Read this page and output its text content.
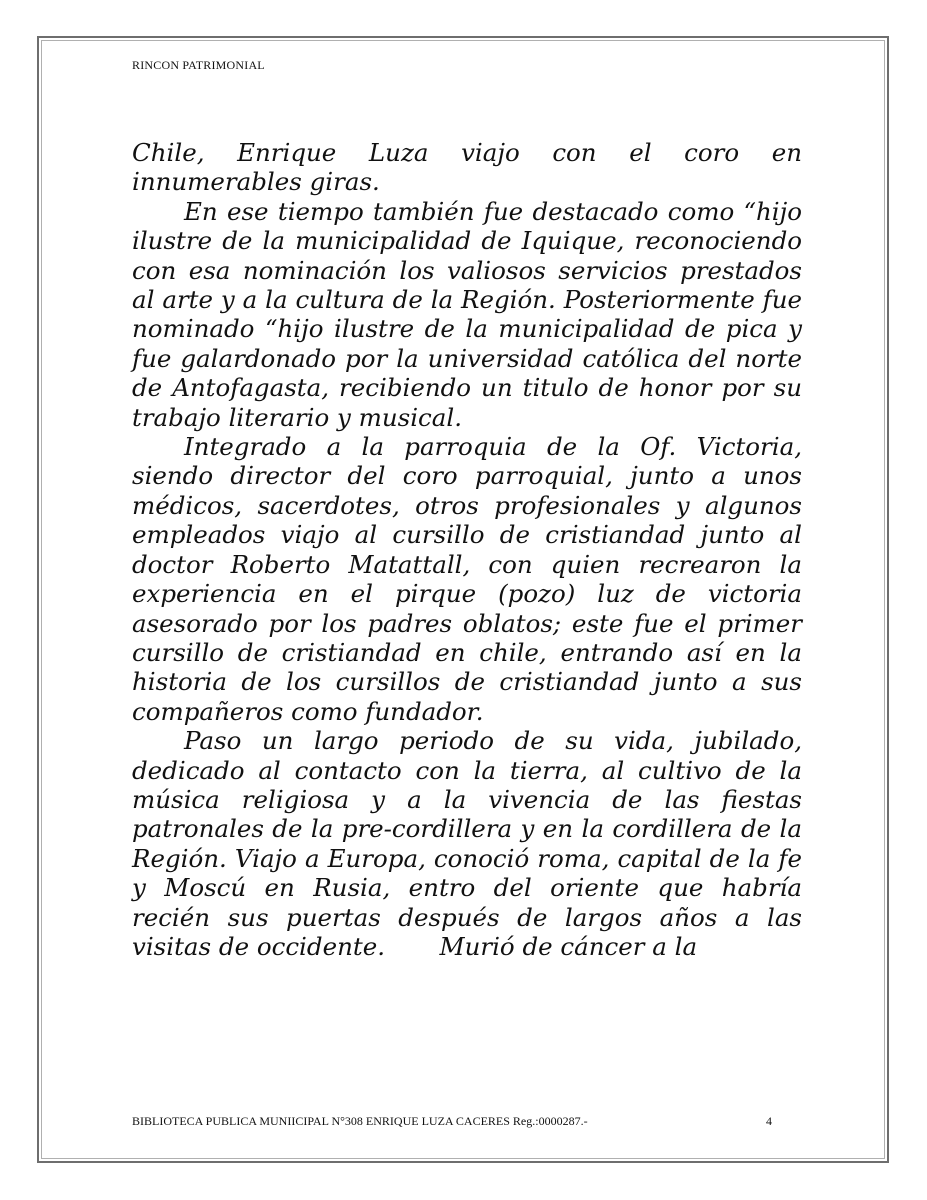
RINCON PATRIMONIAL

Chile, Enrique Luza viajo con el coro en innumerables giras.

En ese tiempo también fue destacado como “hijo ilustre de la municipalidad de Iquique, reconociendo con esa nominación los valiosos servicios prestados al arte y a la cultura de la Región. Posteriormente fue nominado “hijo ilustre de la municipalidad de pica y fue galardonado por la universidad católica del norte de Antofagasta, recibiendo un titulo de honor por su trabajo literario y musical.

Integrado a la parroquia de la Of. Victoria, siendo director del coro parroquial, junto a unos médicos, sacerdotes, otros profesionales y algunos empleados viajo al cursillo de cristiandad junto al doctor Roberto Matattall, con quien recrearon la experiencia en el pirque (pozo) luz de victoria asesorado por los padres oblatos; este fue el primer cursillo de cristiandad en chile, entrando así en la historia de los cursillos de cristiandad junto a sus compañeros como fundador.

Paso un largo periodo de su vida, jubilado, dedicado al contacto con la tierra, al cultivo de la música religiosa y a la vivencia de las fiestas patronales de la pre-cordillera y en la cordillera de la Región. Viajo a Europa, conoció roma, capital de la fe y Moscú en Rusia, entro del oriente que habría recién sus puertas después de largos años a las visitas de occidente.       Murió de cáncer a la

BIBLIOTECA PUBLICA MUNIICIPAL N°308 ENRIQUE LUZA CACERES Reg.:0000287.-	4
